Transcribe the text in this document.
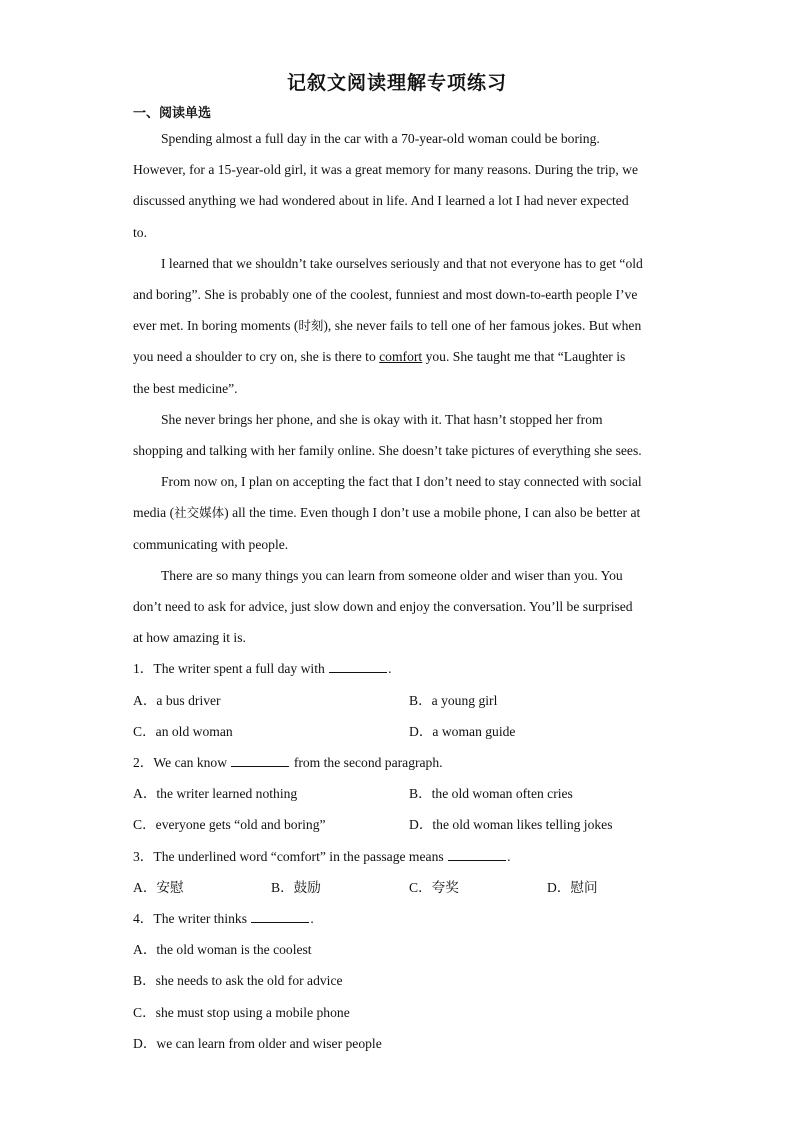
记叙文阅读理解专项练习
一、阅读单选
Spending almost a full day in the car with a 70-year-old woman could be boring.
However, for a 15-year-old girl, it was a great memory for many reasons. During the trip, we
discussed anything we had wondered about in life. And I learned a lot I had never expected
to.
I learned that we shouldn’t take ourselves seriously and that not everyone has to get “old
and boring”. She is probably one of the coolest, funniest and most down-to-earth people I’ve
ever met. In boring moments (时刻), she never fails to tell one of her famous jokes. But when
you need a shoulder to cry on, she is there to comfort you. She taught me that “Laughter is
the best medicine”.
She never brings her phone, and she is okay with it. That hasn’t stopped her from
shopping and talking with her family online. She doesn’t take pictures of everything she sees.
From now on, I plan on accepting the fact that I don’t need to stay connected with social
media (社交媒体) all the time. Even though I don’t use a mobile phone, I can also be better at
communicating with people.
There are so many things you can learn from someone older and wiser than you. You
don’t need to ask for advice, just slow down and enjoy the conversation. You’ll be surprised
at how amazing it is.
1．The writer spent a full day with	.
A．a bus driver	B．a young girl
C．an old woman	D．a woman guide
2．We can know	from the second paragraph.
A．the writer learned nothing	B．the old woman often cries
C．everyone gets “old and boring”	D．the old woman likes telling jokes
3．The underlined word “comfort” in the passage means	.
A．安慰	B．鼓励	C．夸奖	D．慰问
4．The writer thinks	.
A．the old woman is the coolest
B．she needs to ask the old for advice
C．she must stop using a mobile phone
D．we can learn from older and wiser people
